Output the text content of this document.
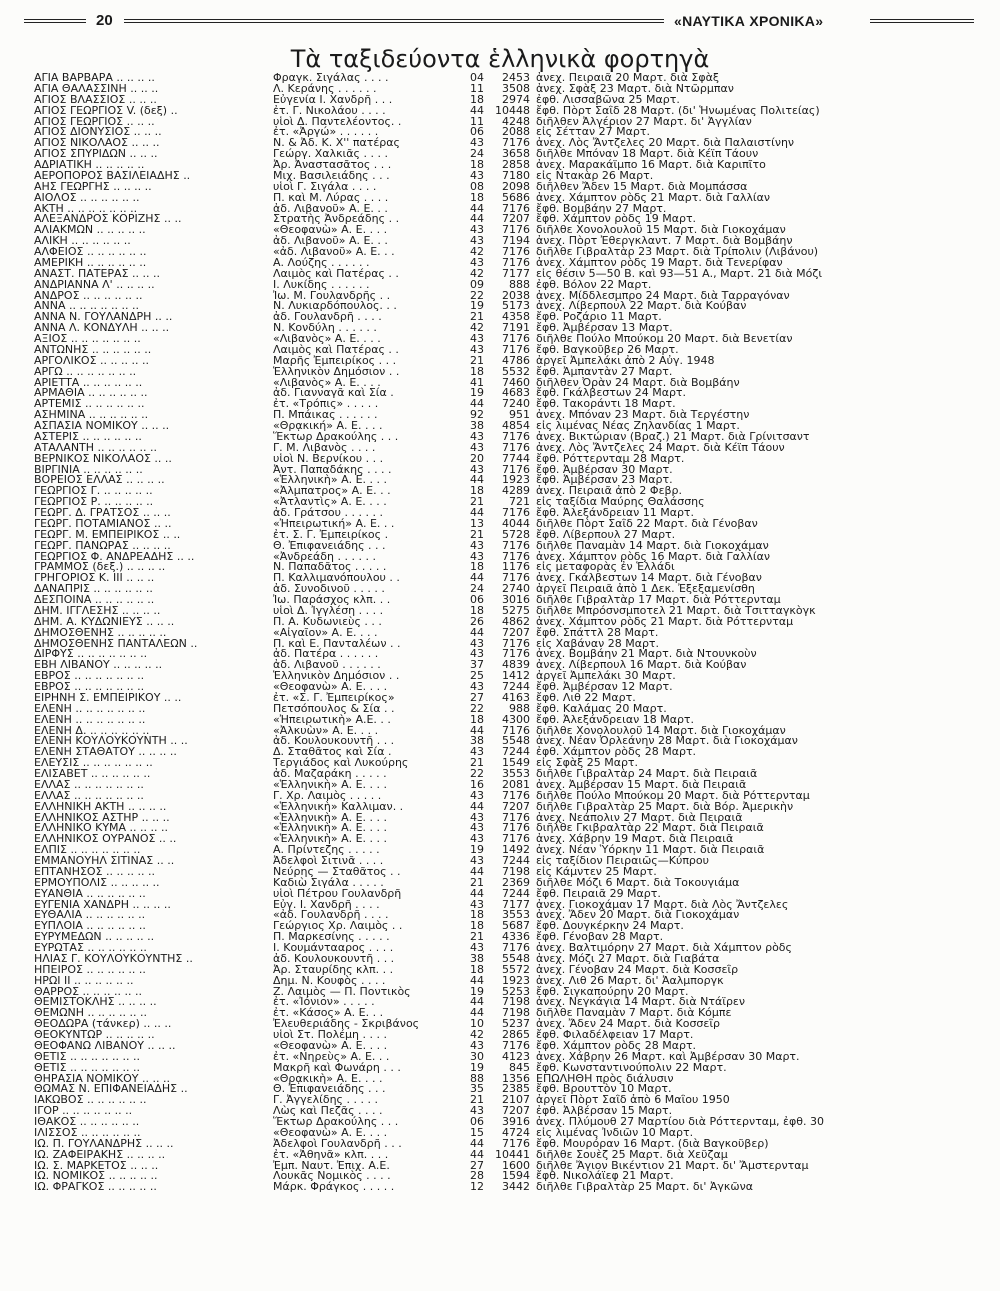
20	«ΝΑΥΤΙΚΑ ΧΡΟΝΙΚΑ»
Τὰ ταξιδεύοντα ἑλληνικὰ φορτηγὰ
ΑΓΙΑ ΒΑΡΒΑΡΑ .. .. .. ..	Φραγκ. Σιγάλας . . . .	04	2453 ἀνεχ. Πειραιᾶ 20 Μαρτ. διὰ Σφὰξ
ΑΓΙΑ ΘΑΛΑΣΣΙΝΗ .. .. ..	Λ. Κεράνης . . . . . .	11	3508 ἀνεχ. Σφὰξ 23 Μαρτ. διὰ Ντῶρμπαν
ΑΓΙΟΣ ΒΛΑΣΣΙΟΣ .. .. ..	Εὐγενία Ι. Χανδρῆ . . .	18	2974 ἐφθ. Λισσαβῶνα 25 Μαρτ.
ΑΓΙΟΣ ΓΕΩΡΓΙΟΣ V. (δεξ) ..	ἐτ. Γ. Νικολάου . . . .	44	10448 ἔφθ. Πὸρτ Σαΐδ 28 Μαρτ. (δι' Ἡνωμένας Πολιτείας)
ΑΓΙΟΣ ΓΕΩΡΓΙΟΣ .. .. ..	υἱοὶ Δ. Παντελέοντος. .	11	4248 διῆλθεν Ἀλγέριον 27 Μαρτ. δι' Ἀγγλίαν
ΑΓΙΟΣ ΔΙΟΝΥΣΙΟΣ .. .. ..	ἐτ. «Ἀργώ» . . . . . .	06	2088 εἰς Σέτταν 27 Μαρτ.
ΑΓΙΟΣ ΝΙΚΟΛΑΟΣ .. .. ..	Ν. & Ἀδ. Κ. Χ'' πατέρας	43	7176 ἀνεχ. Λὸς Ἄντζελες 20 Μαρτ. διὰ Παλαιστίνην
ΑΓΙΟΣ ΣΠΥΡΙΔΩΝ .. .. ..	Γεώργ. Χαλκιᾶς . . . .	24	3658 διῆλθε Μπόναν 18 Μαρτ. διὰ Κέϊπ Τάουν
ΑΔΡΙΑΤΙΚΗ .. .. .. .. ..	Ἀρ. Ἀναστασᾶτος . . .	18	2858 ἀνεχ. Μαρακάϊμπο 16 Μαρτ. διὰ Καριπῖτο
ΑΕΡΟΠΟΡΟΣ ΒΑΣΙΛΕΙΑΔΗΣ ..	Μιχ. Βασιλειάδης . . .	43	7180 εἰς Ντακὰρ 26 Μαρτ.
ΑΗΣ ΓΕΩΡΓΗΣ .. .. .. ..	υἱοὶ Γ. Σιγάλα . . . .	08	2098 διῆλθεν Ἄδεν 15 Μαρτ. διὰ Μομπάσσα
ΑΙΟΛΟΣ .. .. .. .. .. ..	Π. καὶ Μ. Λύρας . . . .	18	5686 ἀνεχ. Χάμπτον ρὸδς 21 Μαρτ. διὰ Γαλλίαν
ΑΚΤΗ .. .. .. .. .. .. ..	ἀδ. Λιβανοῦ» Α. Ε. . .	44	7176 ἔφθ. Βομβάην 27 Μαρτ.
ΑΛΕΞΑΝΔΡΟΣ ΚΟΡΙΖΗΣ .. ..	Στρατὴς Ἀνδρεάδης . .	44	7207 ἔφθ. Χάμπτον ρὸδς 19 Μαρτ.
ΑΛΙΑΚΜΩΝ .. .. .. .. ..	«Θεοφανὼ» Α. Ε. . . .	43	7176 διῆλθε Χονολουλοῦ 15 Μαρτ. διὰ Γιοκοχάμαν
ΑΛΙΚΗ .. .. .. .. .. ..	ἀδ. Λιβανοῦ» Α. Ε. . .	43	7194 ἀνεχ. Πὸρτ Ἐθεργκλαντ. 7 Μαρτ. διὰ Βομβάην
ΑΛΦΕΙΟΣ .. .. .. .. .. ..	«ἀδ. Λιβανοῦ» Α. Ε. . .	42	7176 διῆλθε Γιβραλτὰρ 23 Μαρτ. διὰ Τρίπολιν (Λιβάνου)
ΑΜΕΡΙΚΗ .. .. .. .. .. ..	Α. Λούζης . . . . . .	43	7176 ἀνεχ. Χάμπτον ρὸδς 19 Μαρτ. διὰ Τενερίφαν
ΑΝΑΣΤ. ΠΑΤΕΡΑΣ .. .. ..	Λαιμὸς καὶ Πατέρας . .	42	7177 εἰς θέσιν 5—50 Β. καὶ 93—51 Α., Μαρτ. 21 διὰ Μόζι
ΑΝΔΡΙΑΝΝΑ Λ' .. .. .. ..	Ι. Λυκίδης . . . . . .	09	888 ἐφθ. Βόλον 22 Μαρτ.
ΑΝΔΡΟΣ .. .. .. .. .. ..	Ἰω. Μ. Γουλανδρῆς . .	22	2038 ἀνεχ. Μίδδλεσμπρο 24 Μαρτ. διὰ Ταρραγόναν
ΑΝΝΑ .. .. .. .. .. .. ..	Ν. Λυκιαρδόπουλος. . .	19	5173 ἀνεχ. Λίβερπουλ 22 Μαρτ. διὰ Κούβαν
ΑΝΝΑ Ν. ΓΟΥΛΑΝΔΡΗ .. ..	ἀδ. Γουλανδρῆ . . . .	21	4358 ἔφθ. Ροζάριο 11 Μαρτ.
ΑΝΝΑ Λ. ΚΟΝΔΥΛΗ .. .. ..	Ν. Κονδύλη . . . . . .	42	7191 ἔφθ. Ἀμβέρσαν 13 Μαρτ.
ΑΞΙΟΣ .. .. .. .. .. .. ..	«Λιβανὸς» Α. Ε. . . .	43	7176 διῆλθε Πούλο Μπούκομ 20 Μαρτ. διὰ Βενετίαν
ΑΝΤΩΝΗΣ .. .. .. .. .. ..	Λαιμὸς καὶ Πατέρας . .	43	7176 ἔφθ. Βαγκοῦβερ 26 Μαρτ.
ΑΡΓΟΛΙΚΟΣ .. .. .. .. ..	Μαρῆς Ἐμπειρίκος . . .	21	4786 ἀργεῖ Ἀμπελάκι ἀπὸ 2 Αὐγ. 1948
ΑΡΓΩ .. .. .. .. .. .. ..	Ἑλληνικὸν Δημόσιον . .	18	5532 ἔφθ. Ἀμπαντὰν 27 Μαρτ.
ΑΡΙΕΤΤΑ .. .. .. .. .. ..	«Λιβανὸς» Α. Ε. . . .	41	7460 διῆλθεν Ὀρὰν 24 Μαρτ. διὰ Βομβάην
ΑΡΜΑΘΙΑ .. .. .. .. .. ..	ἀδ. Γιανναγᾶ καὶ Σία .	19	4683 ἔφθ. Γκάλβεστων 24 Μαρτ.
ΑΡΤΕΜΙΣ .. .. .. .. .. ..	ἐτ. «Τρόπις» . . . . .	44	7240 ἔφθ. Τακοράντι 18 Μαρτ.
ΑΣΗΜΙΝΑ .. .. .. .. .. ..	Π. Μπάικας . . . . . .	92	951 ἀνεχ. Μπόναν 23 Μαρτ. διὰ Τεργέστην
ΑΣΠΑΣΙΑ ΝΟΜΙΚΟΥ .. .. ..	«Θρᾳκική» Α. Ε. . . .	38	4854 εἰς λιμένας Νέας Ζηλανδίας 1 Μαρτ.
ΑΣΤΕΡΙΣ .. .. .. .. .. ..	Ἕκτωρ Δρακούλης . . .	43	7176 ἀνεχ. Βικτώριαν (Βραζ.) 21 Μαρτ. διὰ Γρίνιτσαντ
ΑΤΑΛΑΝΤΗ .. .. .. .. .. ..	Γ. Μ. Λιβανὸς . . . .	43	7176 ἀνεχ. Λὸς Ἄντζελες 24 Μαρτ. διὰ Κέϊπ Τάουν
ΒΕΡΝΙΚΟΣ ΝΙΚΟΛΑΟΣ .. ..	υἱοὶ Ν. Βερνίκου . . .	20	7744 ἔφθ. Ρόττερνταμ 28 Μαρτ.
ΒΙΡΓΙΝΙΑ .. .. .. .. .. ..	Ἀντ. Παπαδάκης . . . .	43	7176 ἔφθ. Ἀμβέρσαν 30 Μαρτ.
ΒΟΡΕΙΟΣ ΕΛΛΑΣ .. .. .. ..	«Ἑλληνικὴ» Α. Ε. . . .	44	1923 ἔφθ. Ἀμβέρσαν 23 Μαρτ.
ΓΕΩΡΓΙΟΣ Γ. .. .. .. .. ..	«Ἀλμπατρος» Α. Ε. . .	18	4289 ἀνεχ. Πειραιᾶ ἀπὸ 2 Φεβρ.
ΓΕΩΡΓΙΟΣ Ρ. .. .. .. .. ..	«Ἀτλαντὶς» Α. Ε. . . .	21	721 εἰς ταξίδια Μαύρης Θαλάσσης
ΓΕΩΡΓ. Δ. ΓΡΑΤΣΟΣ .. .. ..	ἀδ. Γράτσου . . . . . .	44	7176 ἔφθ. Ἀλεξάνδρειαν 11 Μαρτ.
ΓΕΩΡΓ. ΠΟΤΑΜΙΑΝΟΣ .. ..	«Ἠπειρωτική» Α. Ε. . .	13	4044 διῆλθε Πὸρτ Σαΐδ 22 Μαρτ. διὰ Γένοβαν
ΓΕΩΡΓ. Μ. ΕΜΠΕΙΡΙΚΟΣ .. ..	ἐτ. Σ. Γ. Ἐμπειρίκος .	21	5728 ἔφθ. Λίβερπουλ 27 Μαρτ.
ΓΕΩΡΓ. ΠΑΝΩΡΑΣ .. .. .. ..	Θ. Ἐπιφανειάδης . . .	43	7176 διῆλθε Παναμὰν 14 Μαρτ. διὰ Γιοκοχάμαν
ΓΕΩΡΓΙΟΣ Φ. ΑΝΔΡΕΑΔΗΣ .. ..	«Ἀνδρεάδη . . . . . .	43	7176 ἀνεχ. Χάμπτον ρὸδς 16 Μαρτ. διὰ Γαλλίαν
ΓΡΑΜΜΟΣ (δεξ.) .. .. .. ..	Ν. Παπαδᾶτος . . . . .	18	1176 εἰς μεταφορὰς ἐν Ἑλλάδι
ΓΡΗΓΟΡΙΟΣ Κ. ΙΙΙ .. .. ..	Π. Καλλιμανόπουλου . .	44	7176 ἀνεχ. Γκάλβεστων 14 Μαρτ. διὰ Γένοβαν
ΔΑΝΑΠΡΙΣ .. .. .. .. .. ..	ἀδ. Συνοδινοῦ . . . . .	24	2740 ἀργεῖ Πειραιᾶ ἀπὸ 1 Δεκ. Ἐξεξαμενίσθη
ΔΕΣΠΟΙΝΑ .. .. .. .. .. ..	Ἰω. Παράσχος κλπ. . .	06	3016 διῆλθε Γιβραλτὰρ 17 Μαρτ. διὰ Ρόττερνταμ
ΔΗΜ. ΙΓΓΛΕΣΗΣ .. .. .. ..	υἱοὶ Δ. Ἰγγλέση . . . .	18	5275 διῆλθε Μπρόσνσμποτελ 21 Μαρτ. διὰ Τσιτταγκὸγκ
ΔΗΜ. Α. ΚΥΔΩΝΙΕΥΣ .. .. ..	Π. Α. Κυδωνιεὺς . . .	26	4862 ἀνεχ. Χάμπτον ρὸδς 21 Μαρτ. διὰ Ρόττερνταμ
ΔΗΜΟΣΘΕΝΗΣ .. .. .. .. ..	«Αἰγαῖον» Α. Ε. . . .	44	7207 ἔφθ. Σπάττλ 28 Μαρτ.
ΔΗΜΟΣΘΕΝΗΣ ΠΑΝΤΑΛΕΩΝ ..	Π. καὶ Ε. Πανταλέων . .	43	7176 εἰς Χαβάναν 28 Μαρτ.
ΔΙΡΦΥΣ .. .. .. .. .. .. ..	ἀδ. Πατέρα . . . . . .	43	7176 ἀνεχ. Βομβάην 21 Μαρτ. διὰ Ντουνκοὺν
ΕΒΗ ΛΙΒΑΝΟΥ .. .. .. .. ..	ἀδ. Λιβανοῦ . . . . . .	37	4839 ἀνεχ. Λίβερπουλ 16 Μαρτ. διὰ Κούβαν
ΕΒΡΟΣ .. .. .. .. .. .. ..	Ἑλληνικὸν Δημόσιον . .	25	1412 ἀργεῖ Ἀμπελάκι 30 Μαρτ.
ΕΒΡΟΣ .. .. .. .. .. .. ..	«Θεοφανὼ» Α. Ε. . . .	43	7244 ἔφθ. Ἀμβέρσαν 12 Μαρτ.
ΕΙΡΗΝΗ Σ. ΕΜΠΕΙΡΙΚΟΥ .. ..	ἐτ. «Σ. Γ. Ἐμπειρίκος»	27	4163 ἔφθ. Λιθ 22 Μαρτ.
ΕΛΕΝΗ .. .. .. .. .. .. ..	Πετσόπουλος & Σία . .	22	988 ἔφθ. Καλάμας 20 Μαρτ.
ΕΛΕΝΗ .. .. .. .. .. .. ..	«Ἠπειρωτικὴ» Α.Ε. . .	18	4300 ἔφθ. Ἀλεξάνδρειαν 18 Μαρτ.
ΕΛΕΝΗ Δ. .. .. .. .. .. ..	«Ἀλκυὼν» Α. Ε. . . .	44	7176 διῆλθε Χονολουλοῦ 14 Μαρτ. διὰ Γιοκοχάμαν
ΕΛΕΝΗ ΚΟΥΛΟΥΚΟΥΝΤΗ .. ..	ἀδ. Κουλουκουντῆ . . .	38	5548 ἀνεχ. Νέαν Ὀρλεάνην 28 Μαρτ. διὰ Γιοκοχάμαν
ΕΛΕΝΗ ΣΤΑΘΑΤΟΥ .. .. .. ..	Δ. Σταθᾶτος καὶ Σία .	43	7244 ἐφθ. Χάμπτον ρὸδς 28 Μαρτ.
ΕΛΕΥΣΙΣ .. .. .. .. .. .. ..	Τεργιάδος καὶ Λυκούρης	21	1549 εἰς Σφὰξ 25 Μαρτ.
ΕΛΙΣΑΒΕΤ .. .. .. .. .. ..	ἀδ. Μαζαράκη . . . . .	22	3553 διῆλθε Γιβραλτὰρ 24 Μαρτ. διὰ Πειραιᾶ
ΕΛΛΑΣ .. .. .. .. .. .. ..	«Ἑλληνικὴ» Α. Ε. . . .	16	2081 ἀνεχ. Ἀμβέρσαν 15 Μαρτ. διὰ Πειραιᾶ
ΕΛΛΑΣ .. .. .. .. .. .. ..	Γ. Χρ. Λαιμὸς . . . . .	43	7176 διῆλθε Πούλο Μπούκομ 20 Μαρτ. διὰ Ρόττερνταμ
ΕΛΛΗΝΙΚΗ ΑΚΤΗ .. .. .. ..	«Ἑλληνικὴ» Καλλιμαν. .	44	7207 διῆλθε Γιβραλτὰρ 25 Μαρτ. διὰ Βόρ. Ἀμερικὴν
ΕΛΛΗΝΙΚΟΣ ΑΣΤΗΡ .. .. ..	«Ἑλληνικὴ» Α. Ε. . . .	43	7176 ἀνεχ. Νεάπολιν 27 Μαρτ. διὰ Πειραιᾶ
ΕΛΛΗΝΙΚΟ ΚΥΜΑ .. .. .. ..	«Ἑλληνικὴ» Α. Ε. . . .	43	7176 διῆλθε Γκιβραλτὰρ 22 Μαρτ. διὰ Πειραιᾶ
ΕΛΛΗΝΙΚΟΣ ΟΥΡΑΝΟΣ .. ..	«Ἑλληνικὴ» Α. Ε. . . .	43	7176 ἀνεχ. Χάβρην 19 Μαρτ. διὰ Πειραιᾶ
ΕΛΠΙΣ .. .. .. .. .. .. ..	Α. Πρίντεζης . . . . .	19	1492 ἀνεχ. Νέαν Ὑόρκην 11 Μαρτ. διὰ Πειραιᾶ
ΕΜΜΑΝΟΥΗΛ ΣΙΤΙΝΑΣ .. ..	Ἀδελφοὶ Σιτινᾶ . . . .	43	7244 εἰς ταξίδιον Πειραιῶς—Κύπρου
ΕΠΤΑΝΗΣΟΣ .. .. .. .. ..	Νεύρης — Σταθᾶτος . .	44	7198 εἰς Κάμντεν 25 Μαρτ.
ΕΡΜΟΥΠΟΛΙΣ .. .. .. .. ..	Καδιὼ Σιγάλα . . . . .	21	2369 διῆλθε Μόζι 6 Μαρτ. διὰ Τοκουγιάμα
ΕΥΑΝΘΙΑ .. .. .. .. .. ..	υἱοὶ Πέτρου Γουλανδρῆ	44	7244 ἔφθ. Πειραιᾶ 29 Μαρτ.
ΕΥΓΕΝΙΑ ΧΑΝΔΡΗ .. .. .. ..	Εὐγ. Ι. Χανδρῆ . . . .	43	7177 ἀνεχ. Γιοκοχάμαν 17 Μαρτ. διὰ Λὸς Ἄντζελες
ΕΥΘΑΛΙΑ .. .. .. .. .. ..	«ἀδ. Γουλανδρῆ . . . .	18	3553 ἀνεχ. Ἄδεν 20 Μαρτ. διὰ Γιοκοχάμαν
ΕΥΠΛΟΙΑ .. .. .. .. .. ..	Γεώργιος Χρ. Λαιμὸς . .	18	5687 ἔφθ. Δουγκέρκην 24 Μαρτ.
ΕΥΡΥΜΕΔΩΝ .. .. .. .. ..	Π. Μαρκεσίνης . . . . .	21	4336 ἔφθ. Γένοβαν 28 Μαρτ.
ΕΥΡΩΤΑΣ .. .. .. .. .. ..	Ι. Κουμάντααρος . . . .	43	7176 ἀνεχ. Βαλτιμόρην 27 Μαρτ. διὰ Χάμπτον ρὸδς
ΗΛΙΑΣ Γ. ΚΟΥΛΟΥΚΟΥΝΤΗΣ ..	ἀδ. Κουλουκουντῆ . . .	38	5548 ἀνεχ. Μόζι 27 Μαρτ. διὰ Γιαβάτα
ΗΠΕΙΡΟΣ .. .. .. .. .. ..	Ἀρ. Σταυρίδης κλπ. . .	18	5572 ἀνεχ. Γένοβαν 24 Μαρτ. διὰ Κοσσεΐρ
ΗΡΩΙ ΙΙ .. .. .. .. .. ..	Δημ. Ν. Κουφὸς . . . .	44	1923 ἀνεχ. Λιθ 26 Μαρτ. δι' Ἀαλμποργκ
ΘΑΡΡΟΣ .. .. .. .. .. ..	Ζ. Λαιμὸς — Π. Ποντικὸς	19	5253 ἔφθ. Σιγκαπούρην 20 Μαρτ.
ΘΕΜΙΣΤΟΚΛΗΣ .. .. .. ..	ἐτ. «Ἰόνιον» . . . . .	44	7198 ἀνεχ. Νεγκάγια 14 Μαρτ. διὰ Ντάϊρεν
ΘΕΜΩΝΗ .. .. .. .. .. ..	ἐτ. «Κάσος» Α. Ε. . .	44	7198 διῆλθε Παναμὰν 7 Μαρτ. διὰ Κόμπε
ΘΕΟΔΩΡΑ (τάνκερ) .. .. ..	Ἐλευθεριάδης - Σκριβάνος	10	5237 ἀνεχ. Ἄδεν 24 Μαρτ. διὰ Κοσσεΐρ
ΘΕΟΚΥΝΤΩΡ .. .. .. .. ..	υἱοὶ Στ. Πολέμη . . . .	42	2865 ἔφθ. Φιλαδέλφειαν 17 Μαρτ.
ΘΕΟΦΑΝΩ ΛΙΒΑΝΟΥ .. .. ..	«Θεοφανὼ» Α. Ε. . . .	43	7176 ἔφθ. Χάμπτον ρὸδς 28 Μαρτ.
ΘΕΤΙΣ .. .. .. .. .. .. ..	ἐτ. «Νηρεὺς» Α. Ε. . .	30	4123 ἀνεχ. Χάβρην 26 Μαρτ. καὶ Ἀμβέρσαν 30 Μαρτ.
ΘΕΤΙΣ .. .. .. .. .. .. ..	Μακρῆ καὶ Φωνάρη . . .	19	845 ἔφθ. Κωνσταντινούπολιν 22 Μαρτ.
ΘΗΡΑΣΙΑ ΝΟΜΙΚΟΥ .. .. ..	«Θρᾳκικὴ» Α. Ε. . . .	88	1356 ΕΠΩΛΗΘΗ πρὸς διάλυσιν
ΘΩΜΑΣ Ν. ΕΠΙΦΑΝΕΙΑΔΗΣ ..	Θ. Ἐπιφανειάδης . . .	35	2385 ἔφθ. Βρουττὸν 10 Μαρτ.
ΙΑΚΩΒΟΣ .. .. .. .. .. ..	Γ. Ἀγγελίδης . . . . .	21	2107 ἀργεῖ Πὸρτ Σαΐδ ἀπὸ 6 Μαΐου 1950
ΙΓΟΡ .. .. .. .. .. .. ..	Λὼς καὶ Πεζᾶς . . . .	43	7207 ἐφθ. Ἀλβέρσαν 15 Μαρτ.
ΙΘΑΚΟΣ .. .. .. .. .. ..	Ἕκτωρ Δρακούλης . . .	06	3916 ἀνεχ. Πλύμουθ 27 Μαρτίου διὰ Ρόττερνταμ, ἐφθ. 30
ΙΛΙΣΣΟΣ .. .. .. .. .. ..	«Θεοφανὼ» Α. Ε. . . .	15	4724 εἰς λιμένας Ἰνδιῶν 10 Μαρτ.
ΙΩ. Π. ΓΟΥΛΑΝΔΡΗΣ .. .. ..	Ἀδελφοὶ Γουλανδρῆ . . .	44	7176 ἔφθ. Μουρόραν 16 Μαρτ. (διὰ Βαγκοῦβερ)
ΙΩ. ΖΑΦΕΙΡΑΚΗΣ .. .. .. ..	ἐτ. «Ἀθηνᾶ» κλπ. . . .	44	10441 διῆλθε Σουὲζ 25 Μαρτ. διὰ Χεῦζαμ
ΙΩ. Σ. ΜΑΡΚΕΤΟΣ .. .. ..	Ἐμπ. Ναυτ. Ἐπιχ. Α.Ε.	27	1600 διῆλθε Ἄγιον Βικέντιον 21 Μαρτ. δι' Ἄμστερνταμ
ΙΩ. ΝΟΜΙΚΟΣ .. .. .. .. ..	Λουκᾶς Νομικὸς . . . .	28	1594 ἔφθ. Νικολάϊεφ 21 Μαρτ.
ΙΩ. ΦΡΑΓΚΟΣ .. .. .. .. ..	Μάρκ. Φράγκος . . . . .	12	3442 διῆλθε Γιβραλτὰρ 25 Μαρτ. δι' Ἀγκῶνα
